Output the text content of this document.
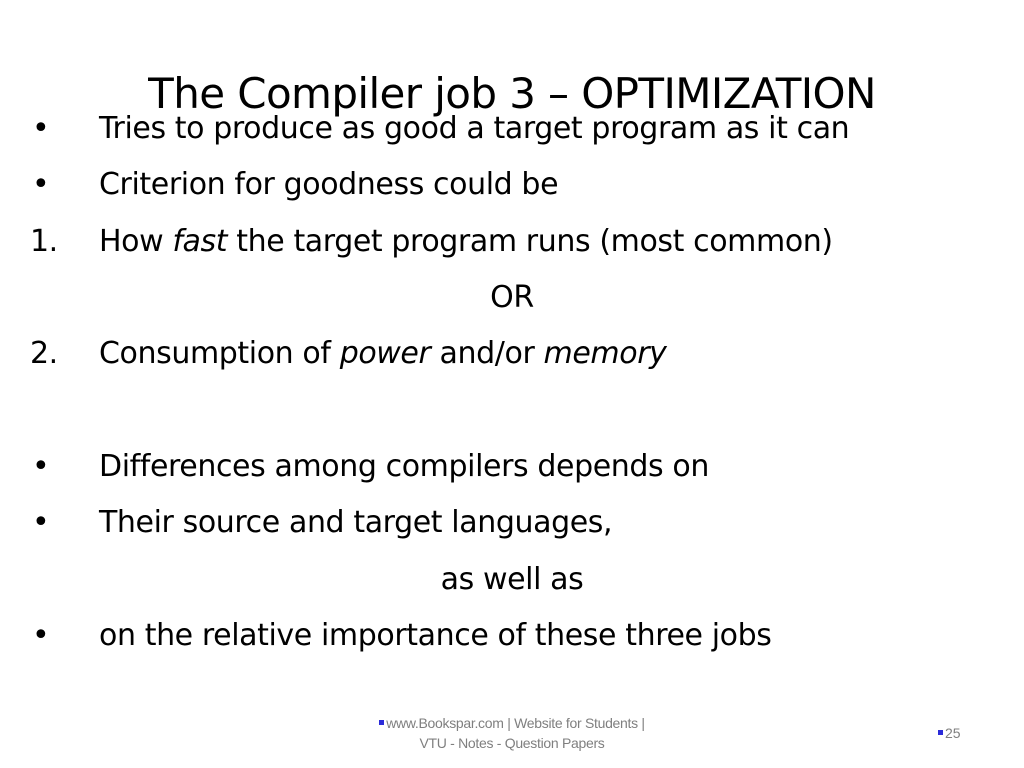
• Tries to produce as good a target program as it can
• Criterion for goodness could be
1. How fast the target program runs (most common)
OR
2. Consumption of power and/or memory
• Differences among compilers depends on
• Their source and target languages,
as well as
• on the relative importance of these three jobs
The Compiler job 3 – OPTIMIZATION
www.Bookspar.com | Website for Students |
VTU - Notes - Question Papers
25
